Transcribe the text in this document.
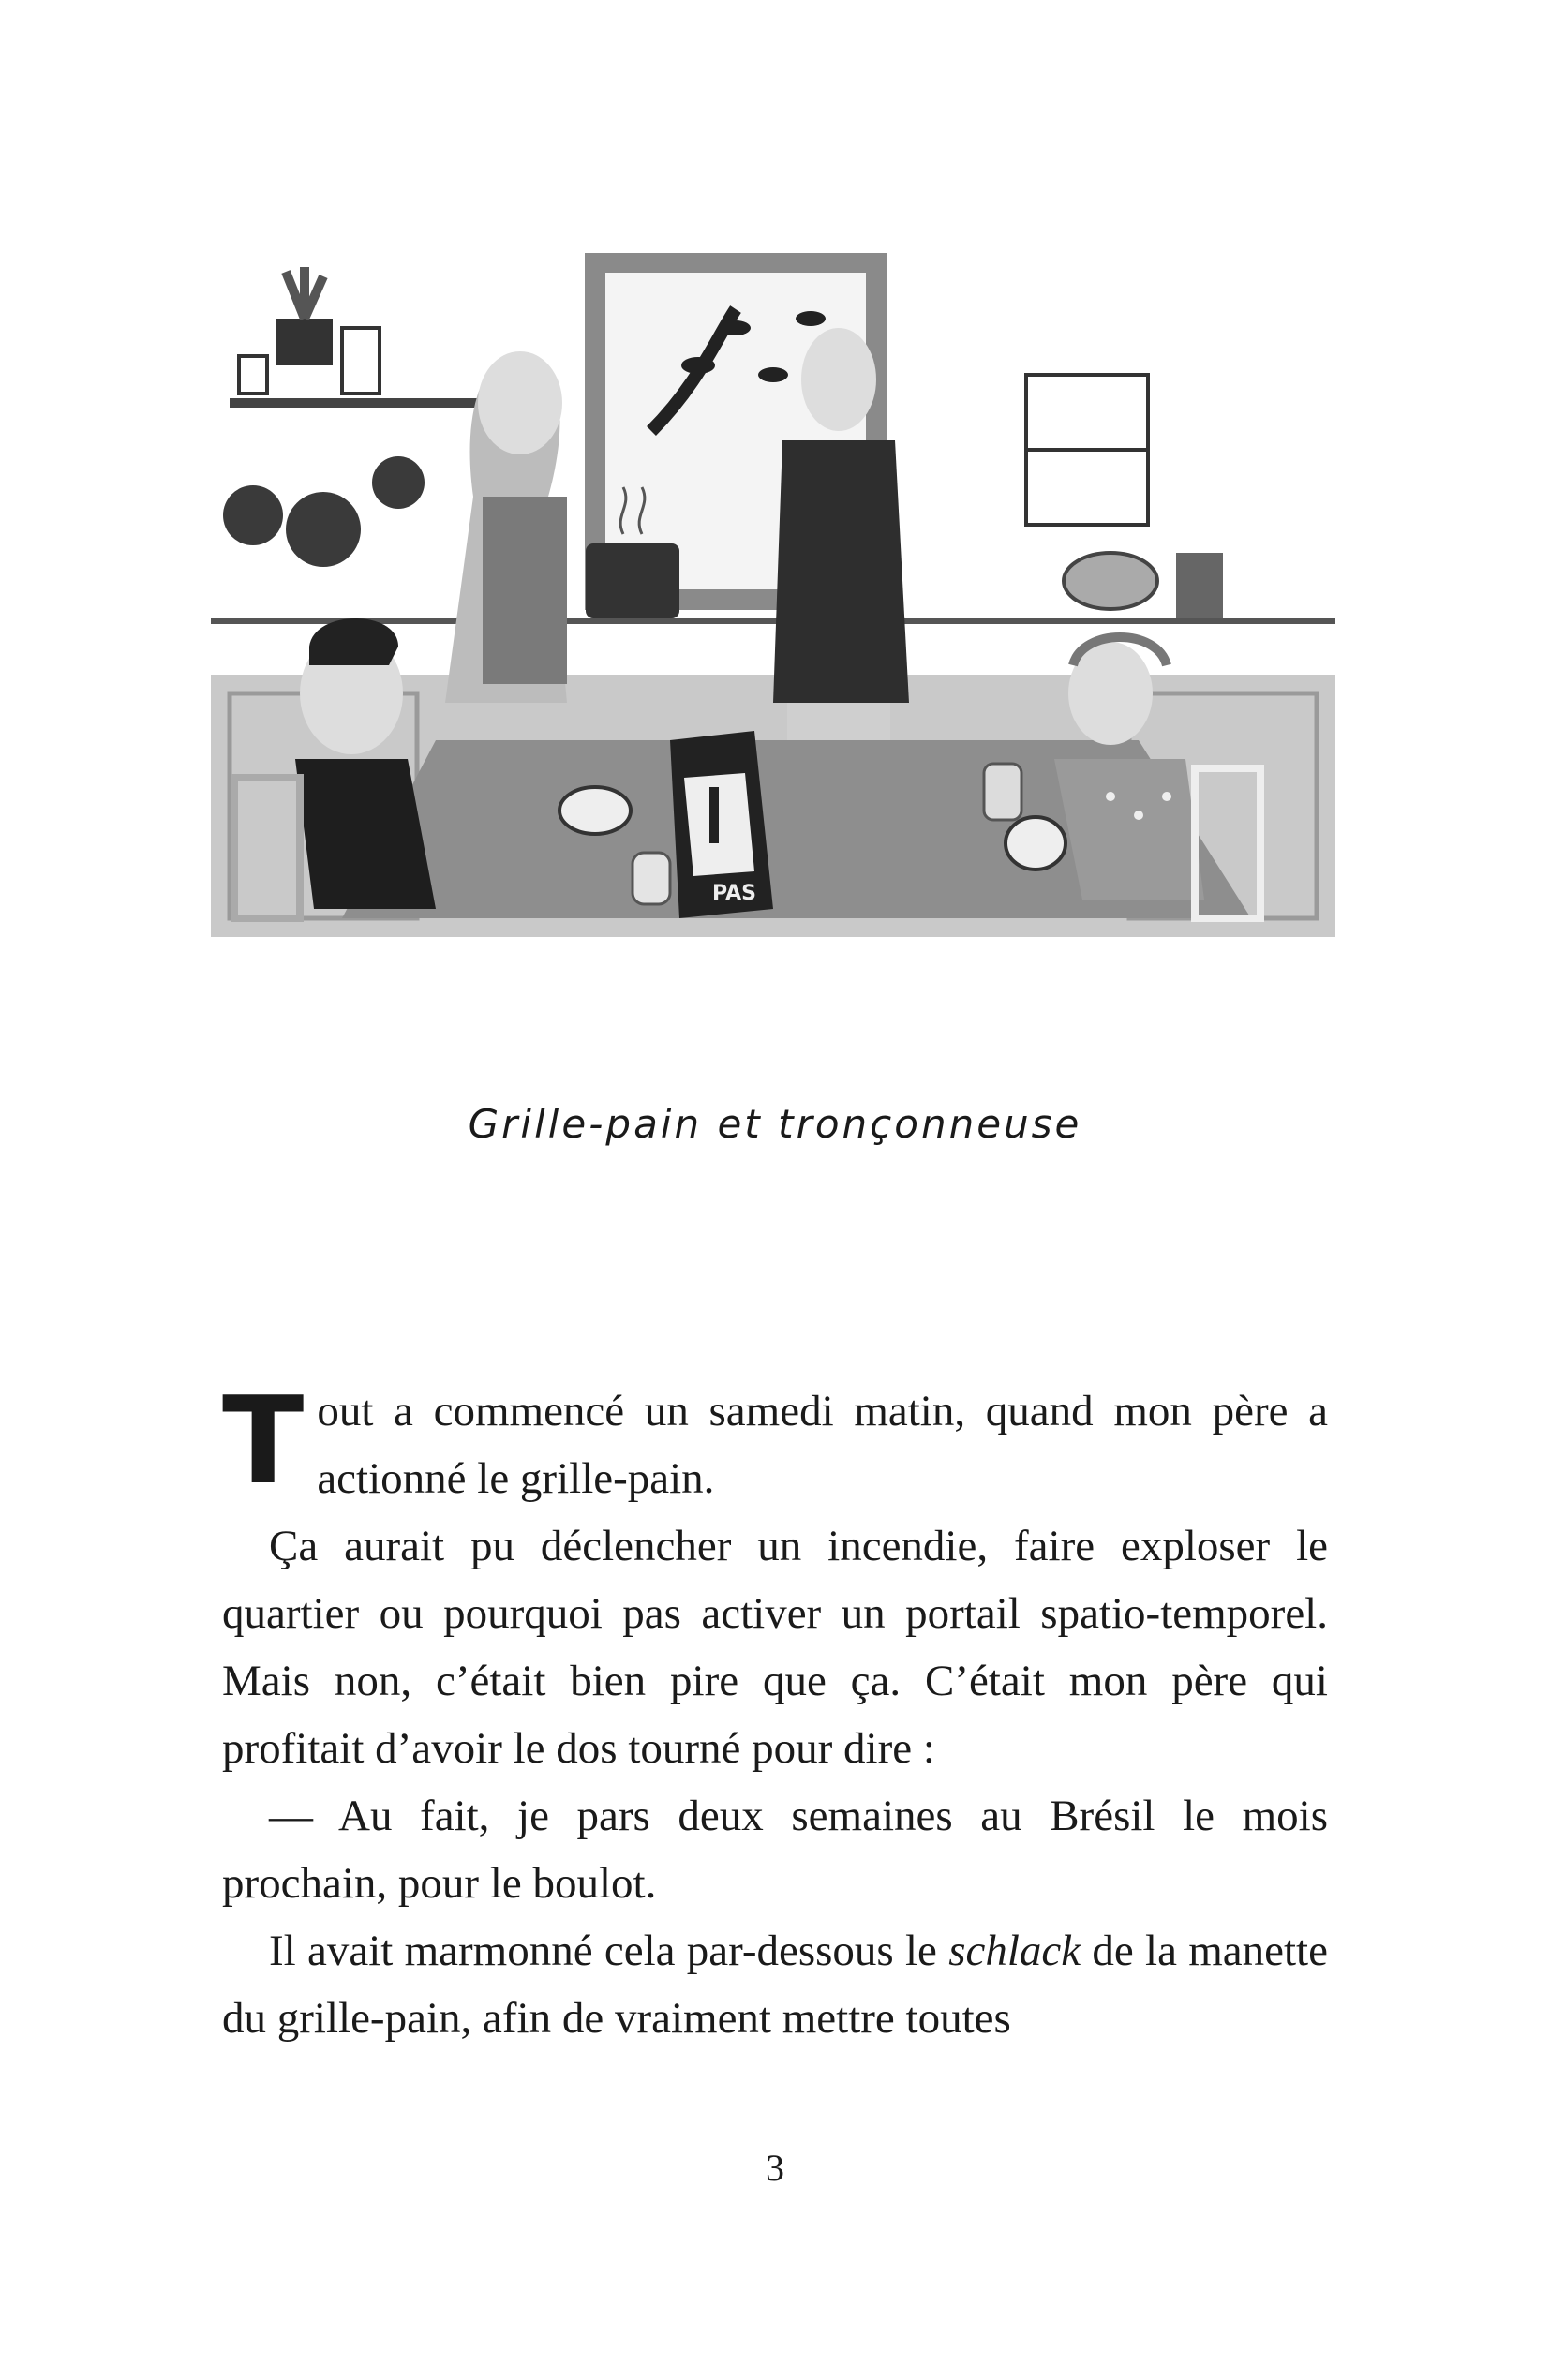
PAS
Grille-pain et tronçonneuse

Tout a commencé un samedi matin, quand mon père a actionné le grille-pain.

Ça aurait pu déclencher un incendie, faire exploser le quartier ou pourquoi pas activer un portail spatio-temporel. Mais non, c’était bien pire que ça. C’était mon père qui profitait d’avoir le dos tourné pour dire :

— Au fait, je pars deux semaines au Brésil le mois prochain, pour le boulot.

Il avait marmonné cela par-dessous le schlack de la manette du grille-pain, afin de vraiment mettre toutes

3
